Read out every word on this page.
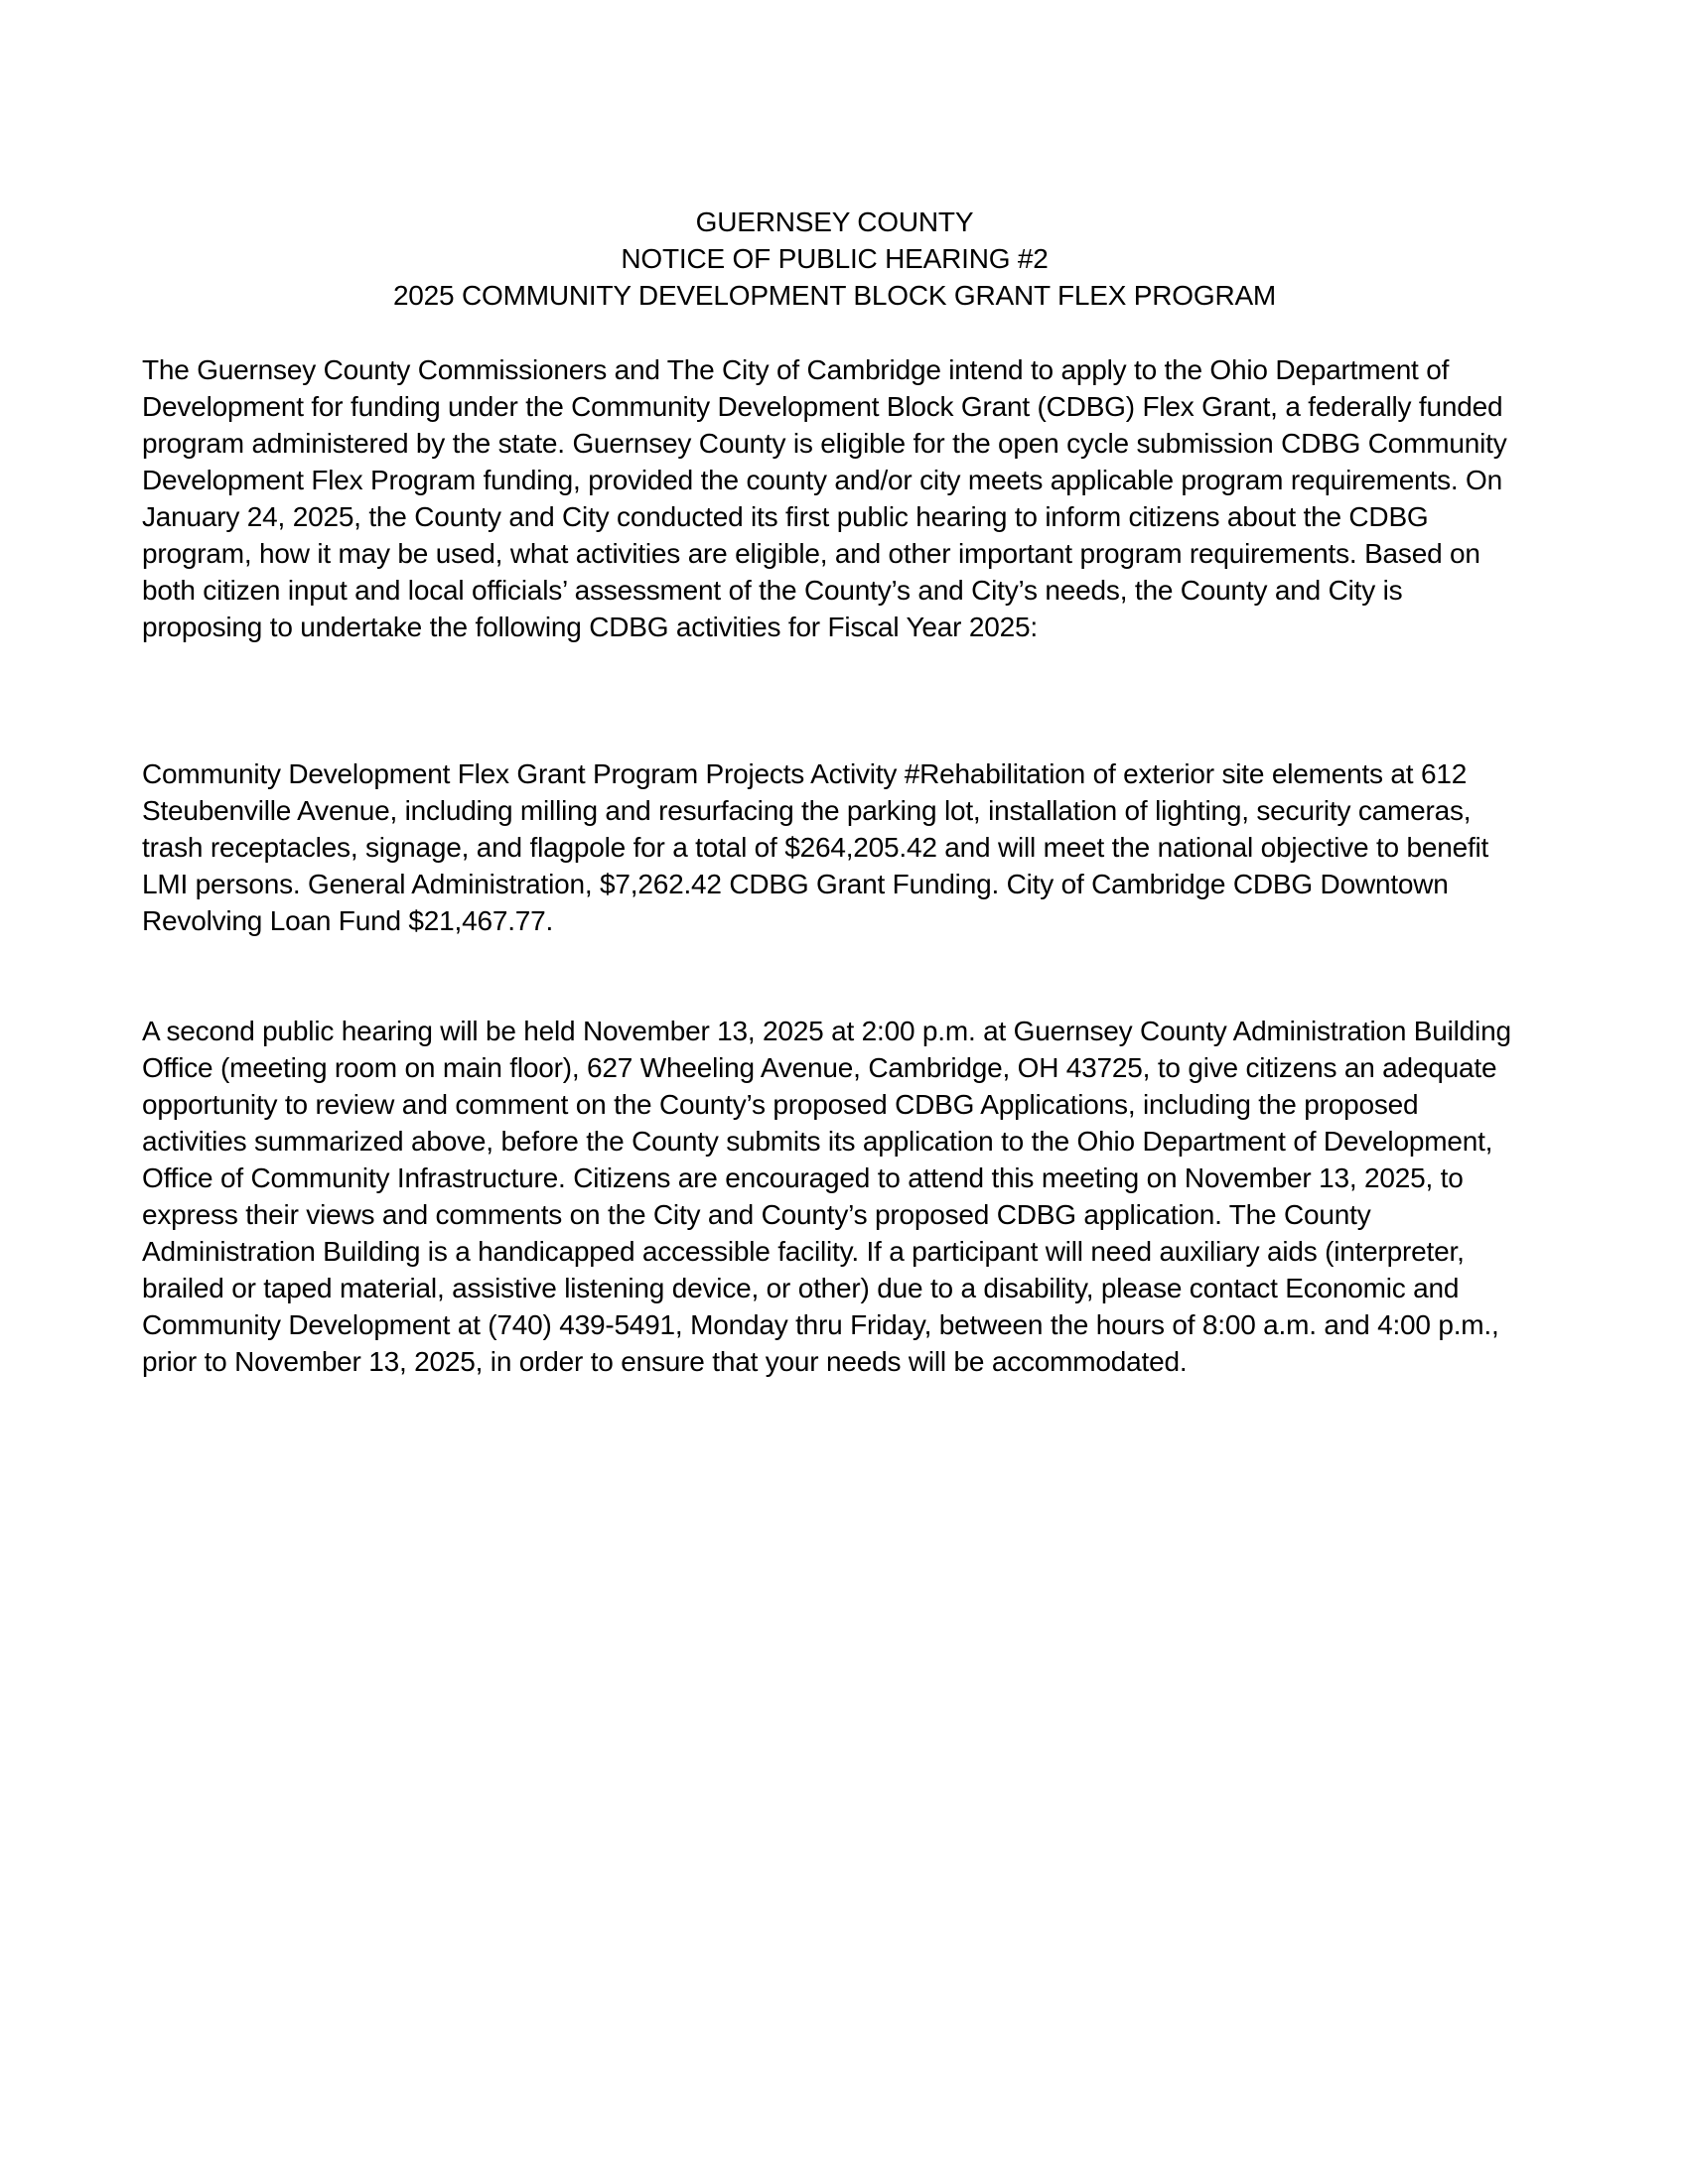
GUERNSEY COUNTY
NOTICE OF PUBLIC HEARING #2
2025 COMMUNITY DEVELOPMENT BLOCK GRANT FLEX PROGRAM

The Guernsey County Commissioners and The City of Cambridge intend to apply to the Ohio Department of Development for funding under the Community Development Block Grant (CDBG) Flex Grant, a federally funded program administered by the state. Guernsey County is eligible for the open cycle submission CDBG Community Development Flex Program funding, provided the county and/or city meets applicable program requirements. On January 24, 2025, the County and City conducted its first public hearing to inform citizens about the CDBG program, how it may be used, what activities are eligible, and other important program requirements. Based on both citizen input and local officials’ assessment of the County’s and City’s needs, the County and City is proposing to undertake the following CDBG activities for Fiscal Year 2025:

Community Development Flex Grant Program Projects Activity #Rehabilitation of exterior site elements at 612 Steubenville Avenue, including milling and resurfacing the parking lot, installation of lighting, security cameras, trash receptacles, signage, and flagpole for a total of $264,205.42 and will meet the national objective to benefit LMI persons. General Administration, $7,262.42 CDBG Grant Funding. City of Cambridge CDBG Downtown Revolving Loan Fund $21,467.77.

A second public hearing will be held November 13, 2025 at 2:00 p.m. at Guernsey County Administration Building Office (meeting room on main floor), 627 Wheeling Avenue, Cambridge, OH 43725, to give citizens an adequate opportunity to review and comment on the County’s proposed CDBG Applications, including the proposed activities summarized above, before the County submits its application to the Ohio Department of Development, Office of Community Infrastructure. Citizens are encouraged to attend this meeting on November 13, 2025, to express their views and comments on the City and County’s proposed CDBG application. The County Administration Building is a handicapped accessible facility. If a participant will need auxiliary aids (interpreter, brailed or taped material, assistive listening device, or other) due to a disability, please contact Economic and Community Development at (740) 439-5491, Monday thru Friday, between the hours of 8:00 a.m. and 4:00 p.m., prior to November 13, 2025, in order to ensure that your needs will be accommodated.
